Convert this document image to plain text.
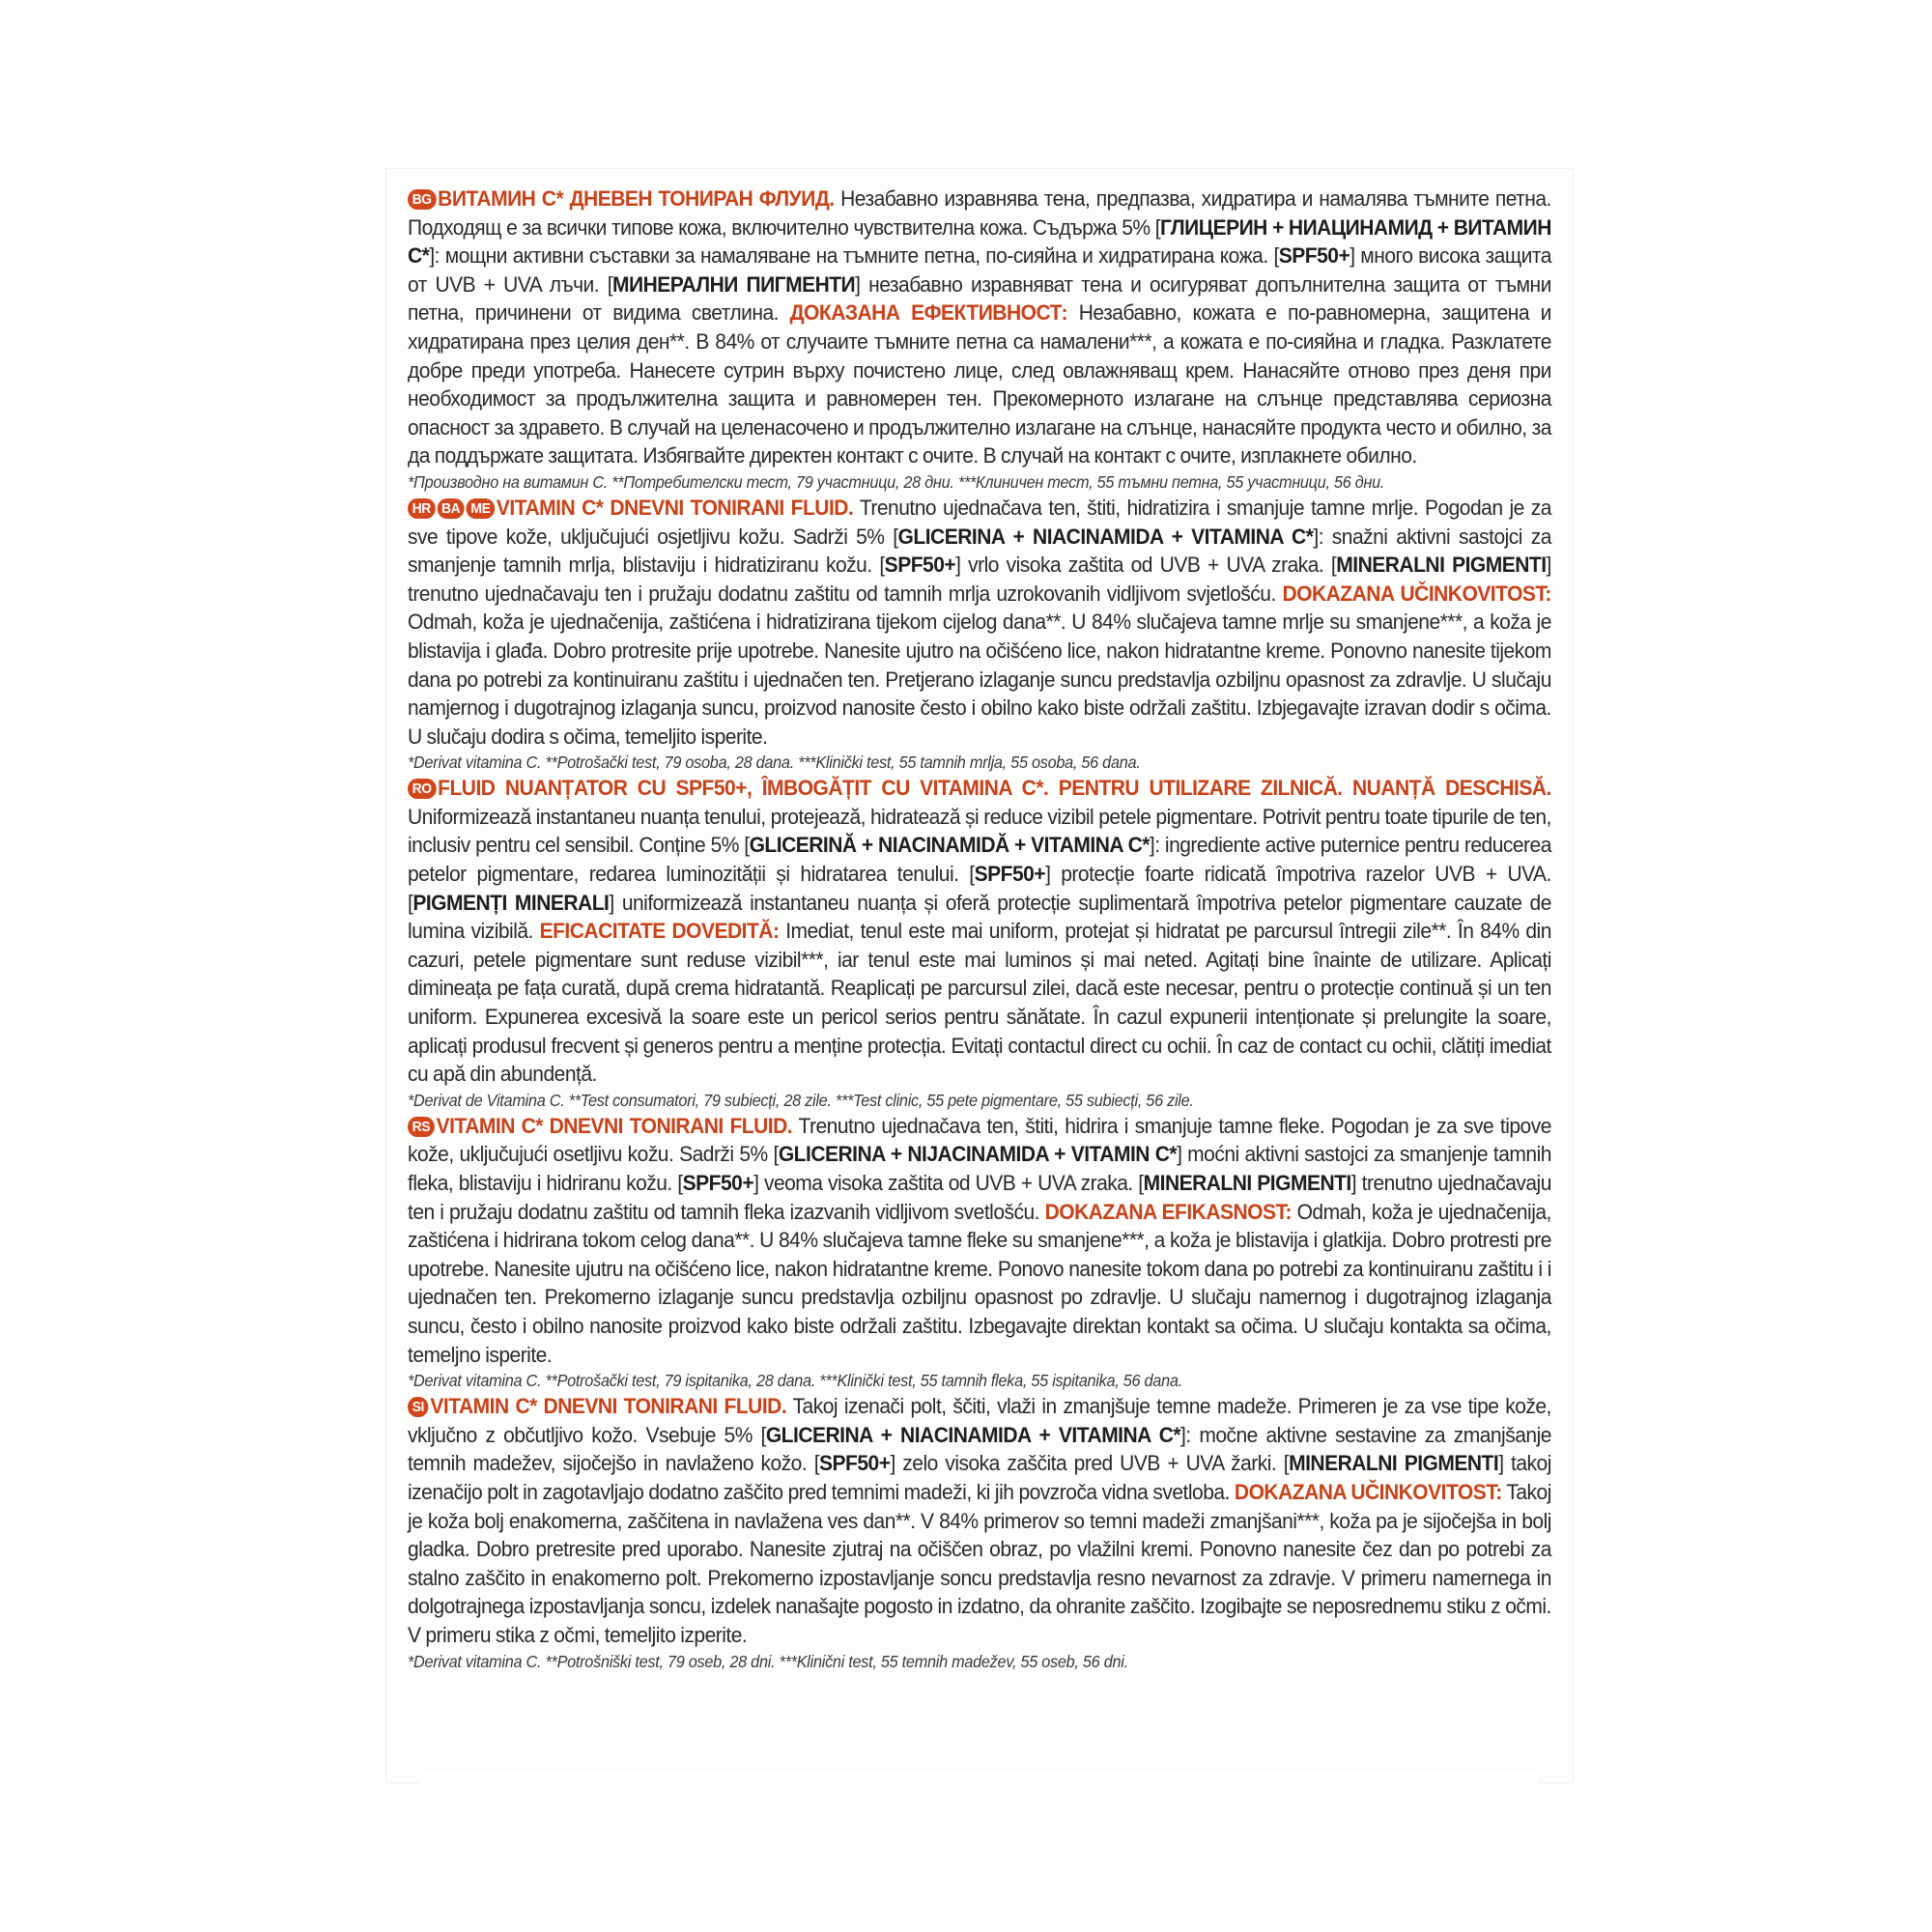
BG ВИТАМИН С* ДНЕВЕН ТОНИРАН ФЛУИД. Незабавно изравнява тена, предпазва, хидратира и намалява тъмните петна. Подходящ е за всички типове кожа, включително чувствителна кожа. Съдържа 5% [ГЛИЦЕРИН + НИАЦИНАМИД + ВИТАМИН С*]: мощни активни съставки за намаляване на тъмните петна, по-сияйна и хидратирана кожа. [SPF50+] много висока защита от UVB + UVA лъчи. [МИНЕРАЛНИ ПИГМЕНТИ] незабавно изравняват тена и осигуряват допълнителна защита от тъмни петна, причинени от видима светлина. ДОКАЗАНА ЕФЕКТИВНОСТ: Незабавно, кожата е по-равномерна, защитена и хидратирана през целия ден**. В 84% от случаите тъмните петна са намалени***, а кожата е по-сияйна и гладка. Разклатете добре преди употреба. Нанесете сутрин върху почистено лице, след овлажняващ крем. Нанасяйте отново през деня при необходимост за продължителна защита и равномерен тен. Прекомерното излагане на слънце представлява сериозна опасност за здравето. В случай на целенасочено и продължително излагане на слънце, нанасяйте продукта често и обилно, за да поддържате защитата. Избягвайте директен контакт с очите. В случай на контакт с очите, изплакнете обилно.
*Производно на витамин С. **Потребителски тест, 79 участници, 28 дни. ***Клиничен тест, 55 тъмни петна, 55 участници, 56 дни.
HR BA ME VITAMIN C* DNEVNI TONIRANI FLUID. Trenutno ujednačava ten, štiti, hidratizira i smanjuje tamne mrlje. Pogodan je za sve tipove kože, uključujući osjetljivu kožu. Sadrži 5% [GLICERINA + NIACINAMIDA + VITAMINA C*]: snažni aktivni sastojci za smanjenje tamnih mrlja, blistaviju i hidratiziranu kožu. [SPF50+] vrlo visoka zaštita od UVB + UVA zraka. [MINERALNI PIGMENTI] trenutno ujednačavaju ten i pružaju dodatnu zaštitu od tamnih mrlja uzrokovanih vidljivom svjetlošću. DOKAZANA UČINKOVITOST: Odmah, koža je ujednačenija, zaštićena i hidratizirana tijekom cijelog dana**. U 84% slučajeva tamne mrlje su smanjene***, a koža je blistavija i glađa. Dobro protresite prije upotrebe. Nanesite ujutro na očišćeno lice, nakon hidratantne kreme. Ponovno nanesite tijekom dana po potrebi za kontinuiranu zaštitu i ujednačen ten. Pretjerano izlaganje suncu predstavlja ozbiljnu opasnost za zdravlje. U slučaju namjernog i dugotrajnog izlaganja suncu, proizvod nanosite često i obilno kako biste održali zaštitu. Izbjegavajte izravan dodir s očima. U slučaju dodira s očima, temeljito isperite.
*Derivat vitamina C. **Potrošački test, 79 osoba, 28 dana. ***Klinički test, 55 tamnih mrlja, 55 osoba, 56 dana.
RO FLUID NUANȚATOR CU SPF50+, ÎMBOGĂȚIT CU VITAMINA C*. PENTRU UTILIZARE ZILNICĂ. NUANȚĂ DESCHISĂ. Uniformizează instantaneu nuanța tenului, protejează, hidratează și reduce vizibil petele pigmentare. Potrivit pentru toate tipurile de ten, inclusiv pentru cel sensibil. Conține 5% [GLICERINĂ + NIACINAMIDĂ + VITAMINA C*]: ingrediente active puternice pentru reducerea petelor pigmentare, redarea luminozității și hidratarea tenului. [SPF50+] protecție foarte ridicată împotriva razelor UVB + UVA. [PIGMENȚI MINERALI] uniformizează instantaneu nuanța și oferă protecție suplimentară împotriva petelor pigmentare cauzate de lumina vizibilă. EFICACITATE DOVEDITĂ: Imediat, tenul este mai uniform, protejat și hidratat pe parcursul întregii zile**. În 84% din cazuri, petele pigmentare sunt reduse vizibil***, iar tenul este mai luminos și mai neted. Agitați bine înainte de utilizare. Aplicați dimineața pe fața curată, după crema hidratantă. Reaplicați pe parcursul zilei, dacă este necesar, pentru o protecție continuă și un ten uniform. Expunerea excesivă la soare este un pericol serios pentru sănătate. În cazul expunerii intenționate și prelungite la soare, aplicați produsul frecvent și generos pentru a menține protecția. Evitați contactul direct cu ochii. În caz de contact cu ochii, clătiți imediat cu apă din abundență.
*Derivat de Vitamina C. **Test consumatori, 79 subiecți, 28 zile. ***Test clinic, 55 pete pigmentare, 55 subiecți, 56 zile.
RS VITAMIN C* DNEVNI TONIRANI FLUID. Trenutno ujednačava ten, štiti, hidrira i smanjuje tamne fleke. Pogodan je za sve tipove kože, uključujući osetljivu kožu. Sadrži 5% [GLICERINA + NIJACINAMIDA + VITAMIN C*] moćni aktivni sastojci za smanjenje tamnih fleka, blistaviju i hidriranu kožu. [SPF50+] veoma visoka zaštita od UVB + UVA zraka. [MINERALNI PIGMENTI] trenutno ujednačavaju ten i pružaju dodatnu zaštitu od tamnih fleka izazvanih vidljivom svetlošću. DOKAZANA EFIKASNOST: Odmah, koža je ujednačenija, zaštićena i hidrirana tokom celog dana**. U 84% slučajeva tamne fleke su smanjene***, a koža je blistavija i glatkija. Dobro protresti pre upotrebe. Nanesite ujutru na očišćeno lice, nakon hidratantne kreme. Ponovo nanesite tokom dana po potrebi za kontinuiranu zaštitu i i ujednačen ten. Prekomerno izlaganje suncu predstavlja ozbiljnu opasnost po zdravlje. U slučaju namernog i dugotrajnog izlaganja suncu, često i obilno nanosite proizvod kako biste održali zaštitu. Izbegavajte direktan kontakt sa očima. U slučaju kontakta sa očima, temeljno isperite.
*Derivat vitamina C. **Potrošački test, 79 ispitanika, 28 dana. ***Klinički test, 55 tamnih fleka, 55 ispitanika, 56 dana.
SI VITAMIN C* DNEVNI TONIRANI FLUID. Takoj izenači polt, ščiti, vlaži in zmanjšuje temne madeže. Primeren je za vse tipe kože, vključno z občutljivo kožo. Vsebuje 5% [GLICERINA + NIACINAMIDA + VITAMINA C*]: močne aktivne sestavine za zmanjšanje temnih madežev, sijočejšo in navlaženo kožo. [SPF50+] zelo visoka zaščita pred UVB + UVA žarki. [MINERALNI PIGMENTI] takoj izenačijo polt in zagotavljajo dodatno zaščito pred temnimi madeži, ki jih povzroča vidna svetloba. DOKAZANA UČINKOVITOST: Takoj je koža bolj enakomerna, zaščitena in navlažena ves dan**. V 84% primerov so temni madeži zmanjšani***, koža pa je sijočejša in bolj gladka. Dobro pretresite pred uporabo. Nanesite zjutraj na očiščen obraz, po vlažilni kremi. Ponovno nanesite čez dan po potrebi za stalno zaščito in enakomerno polt. Prekomerno izpostavljanje soncu predstavlja resno nevarnost za zdravje. V primeru namernega in dolgotrajnega izpostavljanja soncu, izdelek nanašajte pogosto in izdatno, da ohranite zaščito. Izogibajte se neposrednemu stiku z očmi. V primeru stika z očmi, temeljito izperite.
*Derivat vitamina C. **Potrošniški test, 79 oseb, 28 dni. ***Klinični test, 55 temnih madežev, 55 oseb, 56 dni.
